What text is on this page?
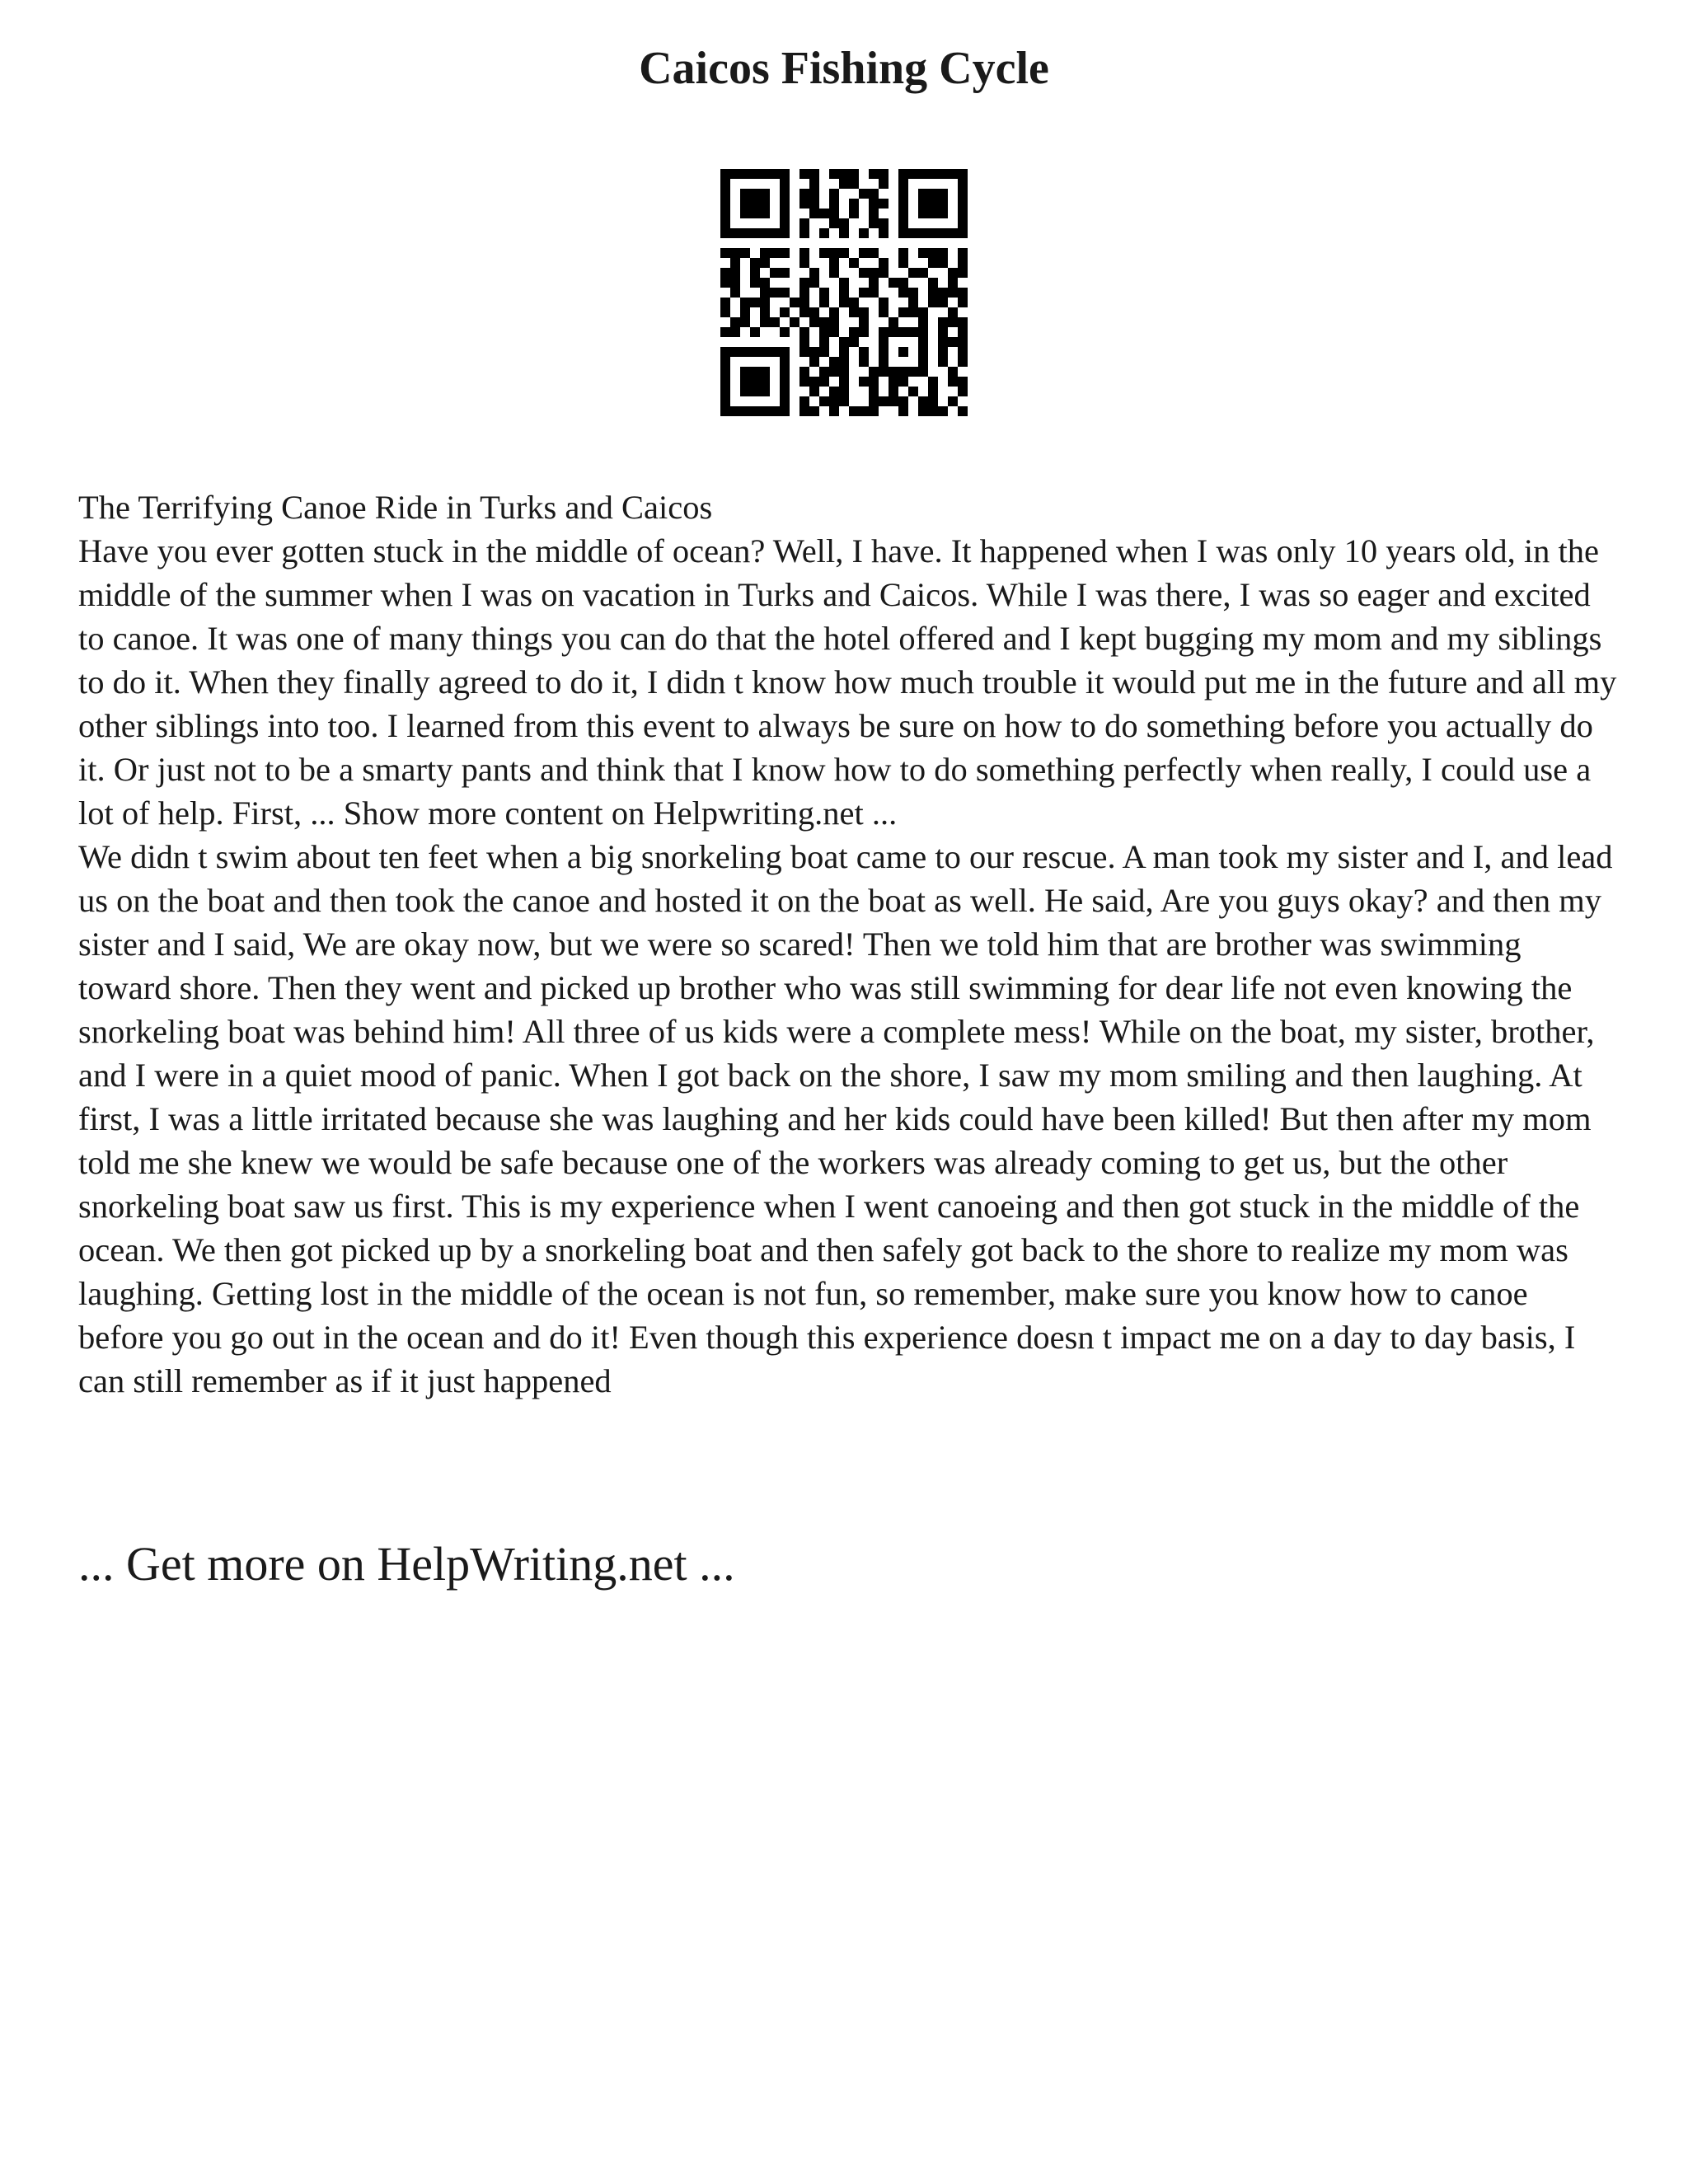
Caicos Fishing Cycle

The Terrifying Canoe Ride in Turks and Caicos

Have you ever gotten stuck in the middle of ocean? Well, I have. It happened when I was only 10 years old, in the middle of the summer when I was on vacation in Turks and Caicos. While I was there, I was so eager and excited to canoe. It was one of many things you can do that the hotel offered and I kept bugging my mom and my siblings to do it. When they finally agreed to do it, I didn t know how much trouble it would put me in the future and all my other siblings into too. I learned from this event to always be sure on how to do something before you actually do it. Or just not to be a smarty pants and think that I know how to do something perfectly when really, I could use a lot of help. First, ... Show more content on Helpwriting.net ...

We didn t swim about ten feet when a big snorkeling boat came to our rescue. A man took my sister and I, and lead us on the boat and then took the canoe and hosted it on the boat as well. He said, Are you guys okay? and then my sister and I said, We are okay now, but we were so scared! Then we told him that are brother was swimming toward shore. Then they went and picked up brother who was still swimming for dear life not even knowing the snorkeling boat was behind him! All three of us kids were a complete mess! While on the boat, my sister, brother, and I were in a quiet mood of panic. When I got back on the shore, I saw my mom smiling and then laughing. At first, I was a little irritated because she was laughing and her kids could have been killed! But then after my mom told me she knew we would be safe because one of the workers was already coming to get us, but the other snorkeling boat saw us first. This is my experience when I went canoeing and then got stuck in the middle of the ocean. We then got picked up by a snorkeling boat and then safely got back to the shore to realize my mom was laughing. Getting lost in the middle of the ocean is not fun, so remember, make sure you know how to canoe before you go out in the ocean and do it! Even though this experience doesn t impact me on a day to day basis, I can still remember as if it just happened

... Get more on HelpWriting.net ...
